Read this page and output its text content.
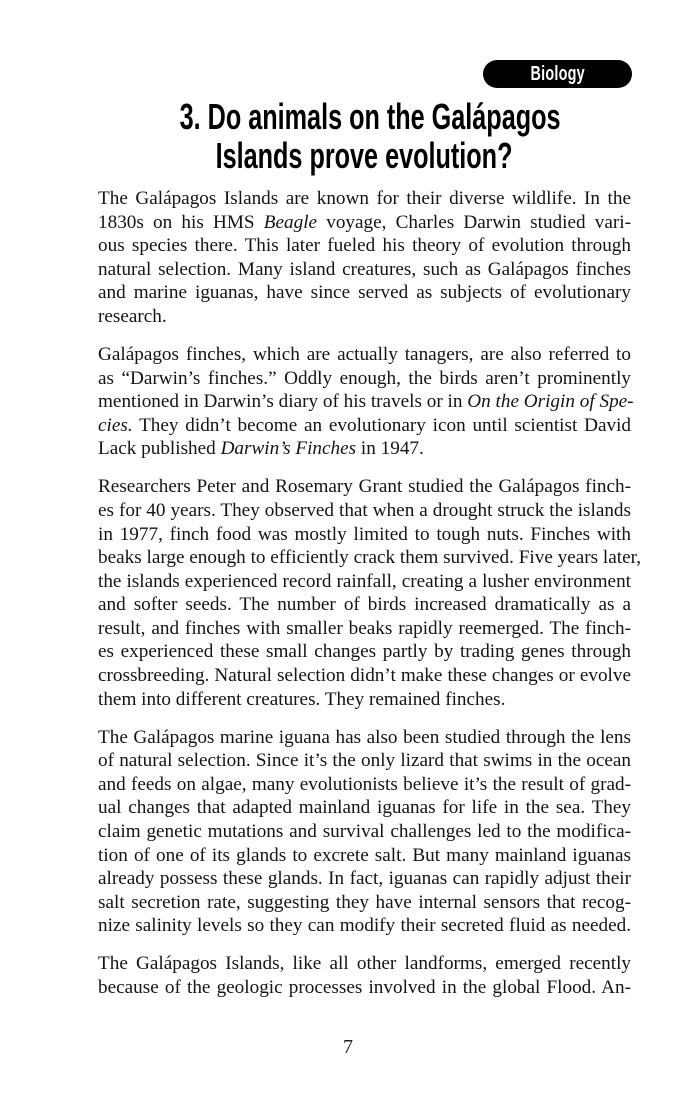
Biology
3. Do animals on the Galápagos
Islands prove evolution?

The Galápagos Islands are known for their diverse wildlife. In the
1830s on his HMS Beagle voyage, Charles Darwin studied vari-
ous species there. This later fueled his theory of evolution through
natural selection. Many island creatures, such as Galápagos finches
and marine iguanas, have since served as subjects of evolutionary
research.

Galápagos finches, which are actually tanagers, are also referred to
as “Darwin’s finches.” Oddly enough, the birds aren’t prominently
mentioned in Darwin’s diary of his travels or in On the Origin of Spe-
cies. They didn’t become an evolutionary icon until scientist David
Lack published Darwin’s Finches in 1947.

Researchers Peter and Rosemary Grant studied the Galápagos finch-
es for 40 years. They observed that when a drought struck the islands
in 1977, finch food was mostly limited to tough nuts. Finches with
beaks large enough to efficiently crack them survived. Five years later,
the islands experienced record rainfall, creating a lusher environment
and softer seeds. The number of birds increased dramatically as a
result, and finches with smaller beaks rapidly reemerged. The finch-
es experienced these small changes partly by trading genes through
crossbreeding. Natural selection didn’t make these changes or evolve
them into different creatures. They remained finches.

The Galápagos marine iguana has also been studied through the lens
of natural selection. Since it’s the only lizard that swims in the ocean
and feeds on algae, many evolutionists believe it’s the result of grad-
ual changes that adapted mainland iguanas for life in the sea. They
claim genetic mutations and survival challenges led to the modifica-
tion of one of its glands to excrete salt. But many mainland iguanas
already possess these glands. In fact, iguanas can rapidly adjust their
salt secretion rate, suggesting they have internal sensors that recog-
nize salinity levels so they can modify their secreted fluid as needed.

The Galápagos Islands, like all other landforms, emerged recently
because of the geologic processes involved in the global Flood. An-

7
